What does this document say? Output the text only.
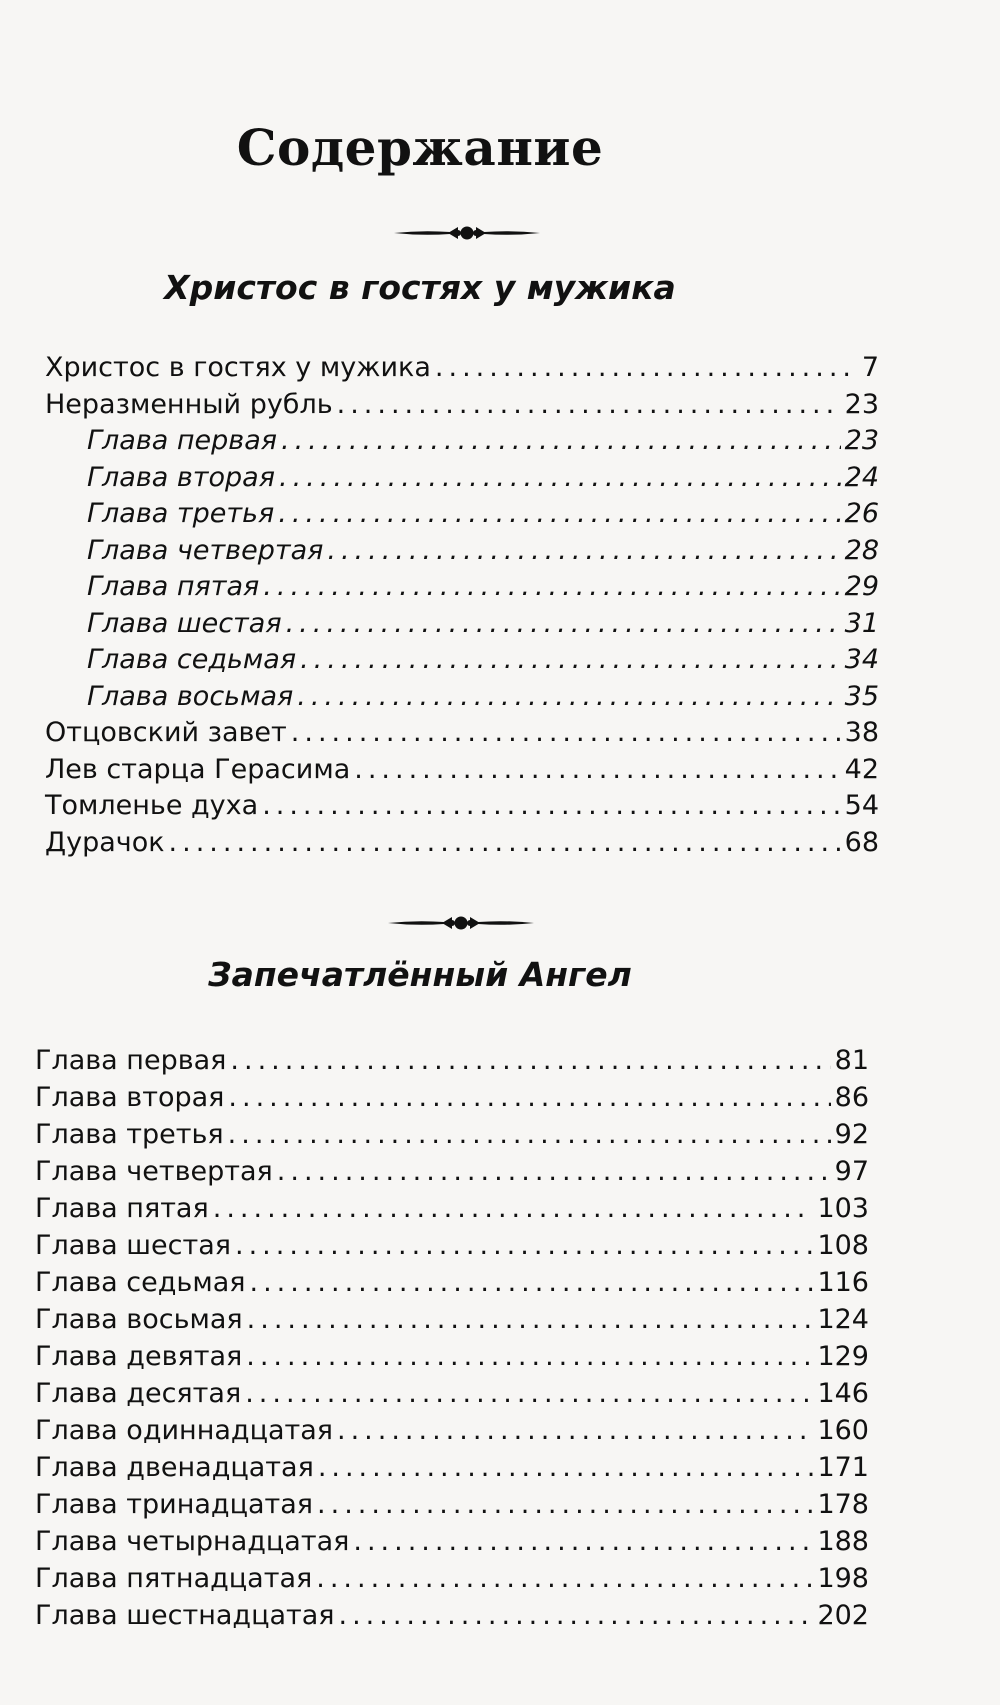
Содержание
Христос в гостях у мужика
Христос в гостях у мужика .....	7
Неразменный рубль .....	23
Глава первая .....	23
Глава вторая .....	24
Глава третья .....	26
Глава четвертая .....	28
Глава пятая .....	29
Глава шестая .....	31
Глава седьмая .....	34
Глава восьмая .....	35
Отцовский завет .....	38
Лев старца Герасима .....	42
Томленье духа .....	54
Дурачок .....	68
Запечатлённый Ангел
Глава первая .....	81
Глава вторая .....	86
Глава третья .....	92
Глава четвертая .....	97
Глава пятая .....	103
Глава шестая .....	108
Глава седьмая .....	116
Глава восьмая .....	124
Глава девятая .....	129
Глава десятая .....	146
Глава одиннадцатая .....	160
Глава двенадцатая .....	171
Глава тринадцатая .....	178
Глава четырнадцатая .....	188
Глава пятнадцатая .....	198
Глава шестнадцатая .....	202
